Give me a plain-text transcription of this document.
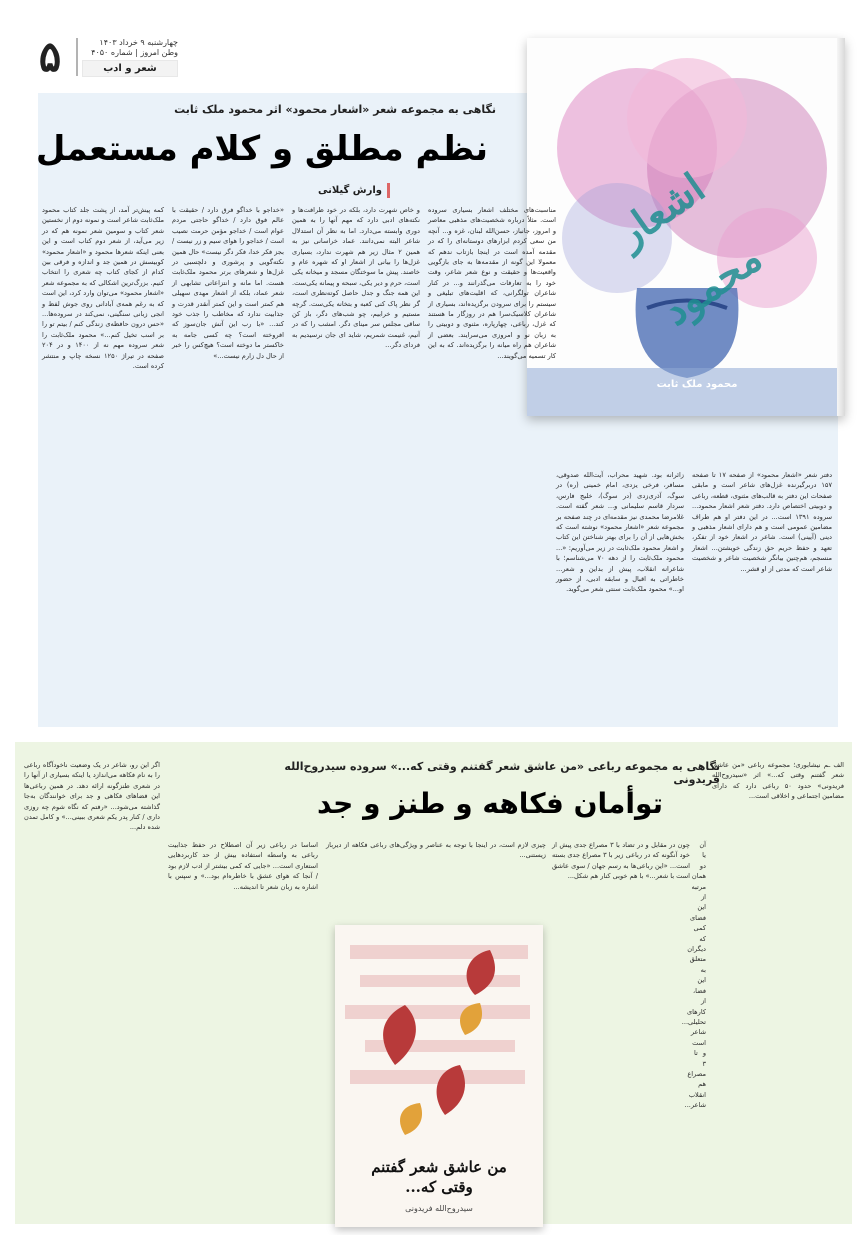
۵	چهارشنبه ۹ خرداد ۱۴۰۳
وطن امروز | شماره ۴۰۵۰
شعر و ادب
اشعار محمود
محمود ملک ثابت
نگاهی به مجموعه شعر «اشعار محمود» اثر محمود ملک ثابت
نظم مطلق و کلام مستعمل
وارش گیلانی
مناسبت‌های مختلف اشعار بسیاری سروده است. مثلاً درباره شخصیت‌های مذهبی معاصر و امروز، جانباز، حسن‌الله لبنان، غزه و... آنچه من سعی کردم ابزارهای دوستانه‌ای را که در مقدمه آمده است در اینجا بازتاب ندهم که معمولا این گونه از مقدمه‌ها به جای بازگویی واقعیت‌ها و حقیقت و نوع شعر شاعر، وقت خود را به تعارفات می‌گذرانند و... در کنار شاعران تولگرانی، که اقلیت‌های تبلیغی و سیستم را برای سرودن برگزیده‌اند، بسیاری از شاعران کلاسیک‌سرا هم در روزگار ما هستند که غزل، رباعی، چهارپاره، مثنوی و دوبیتی را به زبان نو و امروزی می‌سرایند. بعضی از شاعران هم راه میانه را برگزیده‌اند. که به این کار تسمیه می‌گویند...
و خاص شهرت دارد، بلکه در خود ظرافت‌ها و نکته‌های ادبی دارد که مهم آنها را به همین دوری وابسته می‌دارد. اما به نظر آن استدلال شاعر البته نمی‌دانند. عماد خراسانی نیز به همین ۲ مثال زیر هم شهرت ندارد، بسیاری غزل‌ها را بیانی از اشعار او که شهره عام و خاصند. پیش ما سوختگان مسجد و میخانه یکی است، حرم و دیر یکی، سبحه و پیمانه یکی‌ست. این همه جنگ و جدل حاصل کوته‌نظری است، گر نظر پاک کنی کعبه و بتخانه یکی‌ست. گرچه مستیم و خرابیم، چو شب‌های دگر، باز کن ساقی مجلس سر مینای دگر. امشب را که در آنیم، غنیمت شمریم، شاید ای جان نرسیدیم به فردای دگر...
«خداجو با خداگو فرق دارد / حقیقت با عالم فوق دارد / خداگو حاجتی مردم عوام است / خداجو مؤمن حرمت نصیب است / خداجو را هوای سیم و زر نیست / بجز فکر خدا، فکر دگر نیست» حال همین نکته‌گویی و پرشوری و دلچسبی در غزل‌ها و شعرهای برتر محمود ملک‌ثابت هست. اما مانه و انتزاعاتی تشابهی از شعر عماد، بلکه از اشعار مهدی سهیلی هم کمتر است و این کمتر آنقدر قدرت و جذابیت ندارد که مخاطب را جذب خود کند... «با رب این آتش جان‌سوز که افروخته است؟ چه کسی جامه به خاکستر ما دوخته است؟ هیچ‌کس را خبر از حال دل زارم نیست...»
کمه پیش‌تر آمد، از پشت جلد کتاب محمود ملک‌ثابت شاعر است و نمونه دوم از نخستین شعر کتاب و سومین شعر نمونه هم که در زیر می‌آید، از شعر دوم کتاب است و این بعنی اینکه شعرها محمود و «اشعار محمود» کوبیسش در همین جد و اندازه و فرقی بین کدام از کجای کتاب چه شعری را انتخاب کنیم. بزرگ‌ترین اشکالی که به مجموعه شعر «اشعار محمود» می‌توان وارد کرد، این است که به رغم همه‌ی آبادانی روی جوش لفظ و انجی زبانی سنگینی، نمی‌کند در سروده‌ها... «حس درون حافظه‌ی زندگی کنم / بیتم تو را بر اسب تخیل کنم...» محمود ملک‌ثابت را شعر سروده مهم نه از ۱۴۰۰ و در ۲۰۴ صفحه در تیراژ ۱۲۵۰ نسخه چاپ و منتشر کرده است.
زائرانه بود. شهید محراب، آیت‌الله صدوقی، مسافر، فرخی یزدی، امام خمینی (ره) در سوگ، آذری‌زدی (در سوگ)، خلیج فارس، سردار قاسم سلیمانی و... شعر گفته است. غلامرضا محمدی نیز مقدمه‌ای در چند صفحه بر مجموعه شعر «اشعار محمود» نوشته است که بخش‌هایی از آن را برای بهتر شناختن این کتاب و اشعار محمود ملک‌ثابت در زیر می‌آوریم: «... محمود ملک‌ثابت را از دهه ۷۰ می‌شناسم؛ با شاعرانه انقلاب، پیش از بداین و شعر... خاطراتی به اقبال و سابقه ادبی، از حضور او...» محمود ملک‌ثابت سنتی شعر می‌گوید.
دفتر شعر «اشعار محمود» از صفحه ۱۷ تا صفحه ۱۵۷ دربرگیرنده غزل‌های شاعر است و مابقی صفحات این دفتر به قالب‌های مثنوی، قطعه، رباعی و دوبیتی اختصاص دارد. دفتر شعر اشعار محمود... سروده ۱۳۹۱ است... در این دفتر او هم طراف مضامین عمومی است و هم دارای اشعار مذهبی و دینی (آیینی) است. شاعر در اشعار خود از تفکر، تعهد و حفظ حریم حق زندگی خویشتن... اشعار منسجم، هم‌چنین بیانگر شخصیت شاعر و شخصیت شاعر است که مدتی از او قشر...
نگاهی به مجموعه رباعی «من عاشق شعر گفتنم وقتی که...» سروده سیدروح‌الله فریدونی
توأمان فکاهه و طنز و جد
اگر این رو، شاعر در یک وضعیت ناخودآگاه رباعی را به نام فکاهه می‌اندازد یا اینکه بسیاری از آنها را در شعری طنزگونه ارائه دهد. در همین رباعی‌ها این فضاهای فکاهی و جد برای خوانندگان به‌جا گذاشته می‌شود... «رفتم که نگاه شوم چه روزی داری / کنار پدر یکم شعری ببینی...» و کامل تمدن شده دلم...
اساسا در رباعی زیر آن اصطلاح در حفظ جذابیت رباعی به واسطه استفاده بیش از حد کاربردهایی استعاری است... «جایی که کمی بیشتر از ادب لازم بود / آنجا که هوای عشق با خاطره‌ام بود...» و سپس با اشاره به زبان شعر تا اندیشه...
چیزی لازم است، در اینجا با توجه به عناصر و ویژگی‌های رباعی فکاهه از دیرباز زیستنی...
چون در مقابل و در تضاد با ۳ مصراع جدی پیش از خود آنگونه که در رباعی زیر با ۳ مصراع جدی بسته است... «این رباعی‌ها به رسم جهان / سوی عاشق است با شعر...» با هم خوبی کنار هم شکل...
آن یا دو همان مرتبه از این فضای کمی که دیگران متعلق به این فضا، از کارهای تحلیلی... شاعر است و تا ۳ مصراع هم انقلاب شاعر...
الف ـم نیشابوری؛ مجموعه رباعی «من عاشق شعر گفتنم وقتی که...» اثر «سیدروح‌الله فریدونی» حدود ۵۰ رباعی دارد که دارای مضامین اجتماعی و اخلاقی است...
من عاشق شعر گفتنم وقتی که...
سیدروح‌الله فریدونی
